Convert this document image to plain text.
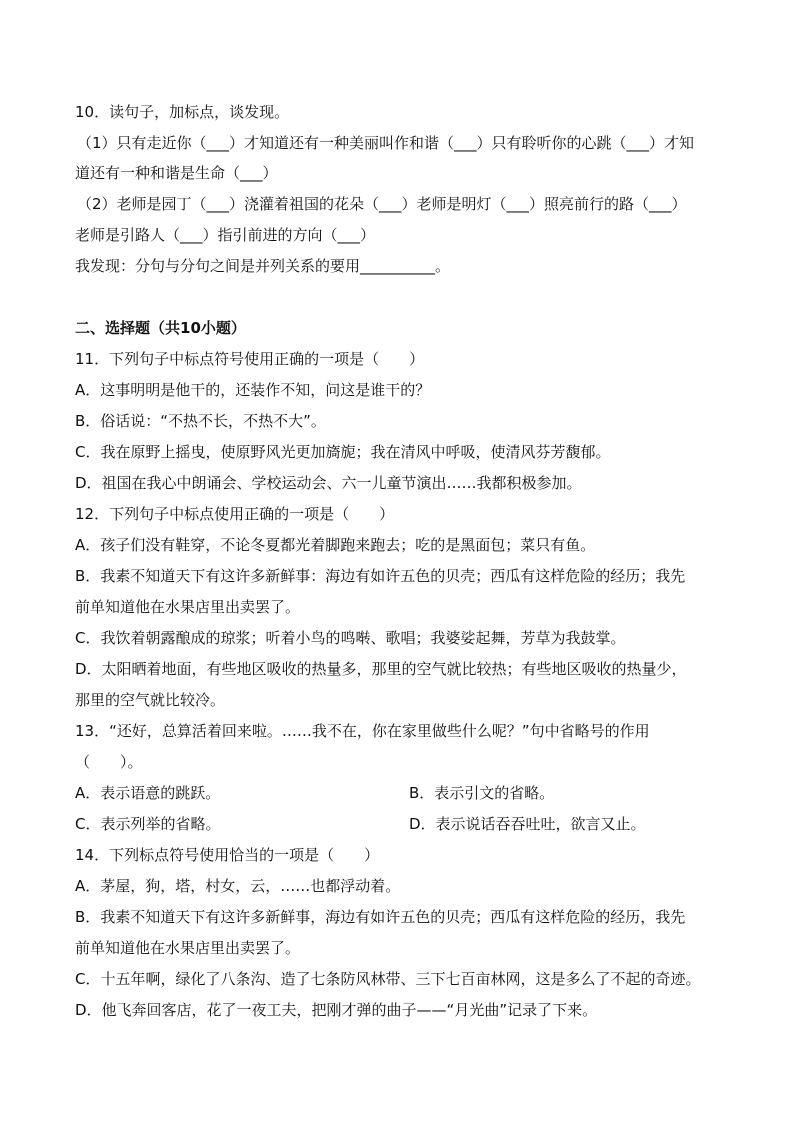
10．读句子，加标点，谈发现。
（1）只有走近你（___）才知道还有一种美丽叫作和谐（___）只有聆听你的心跳（___）才知
道还有一种和谐是生命（___）
（2）老师是园丁（___）浇灌着祖国的花朵（___）老师是明灯（___）照亮前行的路（___）
老师是引路人（___）指引前进的方向（___）
我发现：分句与分句之间是并列关系的要用__________。
二、选择题（共10小题）
11．下列句子中标点符号使用正确的一项是（　　）
A．这事明明是他干的，还装作不知，问这是谁干的？
B．俗话说：“不热不长，不热不大”。
C．我在原野上摇曳，使原野风光更加旖旎；我在清风中呼吸，使清风芬芳馥郁。
D．祖国在我心中朗诵会、学校运动会、六一儿童节演出……我都积极参加。
12．下列句子中标点使用正确的一项是（　　）
A．孩子们没有鞋穿，不论冬夏都光着脚跑来跑去；吃的是黑面包；菜只有鱼。
B．我素不知道天下有这许多新鲜事：海边有如许五色的贝壳；西瓜有这样危险的经历；我先
前单知道他在水果店里出卖罢了。
C．我饮着朝露酿成的琼浆；听着小鸟的鸣啭、歌唱；我婆娑起舞，芳草为我鼓掌。
D．太阳晒着地面，有些地区吸收的热量多，那里的空气就比较热；有些地区吸收的热量少，
那里的空气就比较冷。
13．“还好，总算活着回来啦。……我不在，你在家里做些什么呢？”句中省略号的作用
（　　）。
A．表示语意的跳跃。	B．表示引文的省略。
C．表示列举的省略。	D．表示说话吞吞吐吐，欲言又止。
14．下列标点符号使用恰当的一项是（　　）
A．茅屋，狗，塔，村女，云，……也都浮动着。
B．我素不知道天下有这许多新鲜事，海边有如许五色的贝壳；西瓜有这样危险的经历，我先
前单知道他在水果店里出卖罢了。
C．十五年啊，绿化了八条沟、造了七条防风林带、三下七百亩林网，这是多么了不起的奇迹。
D．他飞奔回客店，花了一夜工夫，把刚才弹的曲子——“月光曲”记录了下来。
